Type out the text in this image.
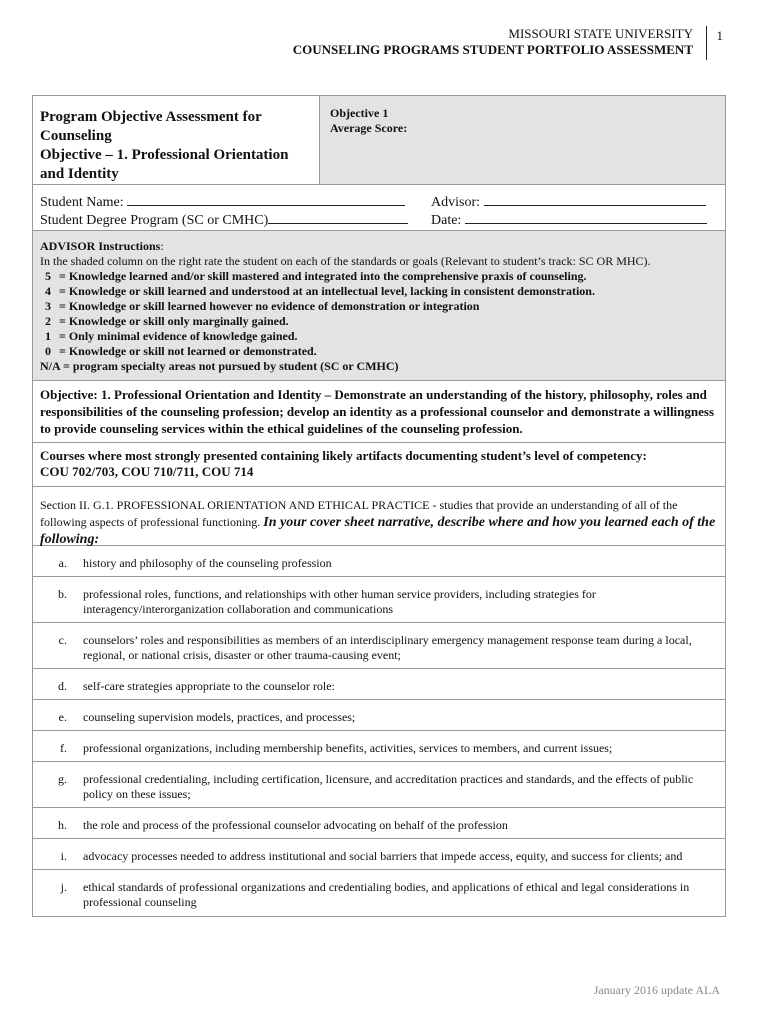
MISSOURI STATE UNIVERSITY
COUNSELING PROGRAMS STUDENT PORTFOLIO ASSESSMENT
1
Program Objective Assessment for
Counseling
Objective – 1. Professional Orientation
and Identity
Objective 1
Average Score:
Student Name:
Student Degree Program (SC or CMHC)
Advisor:
Date:
ADVISOR Instructions:
In the shaded column on the right rate the student on each of the standards or goals (Relevant to student’s track: SC OR MHC).
5 = Knowledge learned and/or skill mastered and integrated into the comprehensive praxis of counseling.
4 = Knowledge or skill learned and understood at an intellectual level, lacking in consistent demonstration.
3 = Knowledge or skill learned however no evidence of demonstration or integration
2 = Knowledge or skill only marginally gained.
1 = Only minimal evidence of knowledge gained.
0 = Knowledge or skill not learned or demonstrated.
N/A = program specialty areas not pursued by student (SC or CMHC)
Objective: 1. Professional Orientation and Identity – Demonstrate an understanding of the history, philosophy, roles and responsibilities of the counseling profession; develop an identity as a professional counselor and demonstrate a willingness to provide counseling services within the ethical guidelines of the counseling profession.
Courses where most strongly presented containing likely artifacts documenting student’s level of competency:
COU 702/703, COU 710/711, COU 714
Section II. G.1. PROFESSIONAL ORIENTATION AND ETHICAL PRACTICE - studies that provide an understanding of all of the following aspects of professional functioning. In your cover sheet narrative, describe where and how you learned each of the following:
a.	history and philosophy of the counseling profession
b.	professional roles, functions, and relationships with other human service providers, including strategies for interagency/interorganization collaboration and communications
c.	counselors’ roles and responsibilities as members of an interdisciplinary emergency management response team during a local, regional, or national crisis, disaster or other trauma-causing event;
d.	self-care strategies appropriate to the counselor role:
e.	counseling supervision models, practices, and processes;
f.	professional organizations, including membership benefits, activities, services to members, and current issues;
g.	professional credentialing, including certification, licensure, and accreditation practices and standards, and the effects of public policy on these issues;
h.	the role and process of the professional counselor advocating on behalf of the profession
i.	advocacy processes needed to address institutional and social barriers that impede access, equity, and success for clients; and
j.	ethical standards of professional organizations and credentialing bodies, and applications of ethical and legal considerations in professional counseling
January 2016 update ALA
